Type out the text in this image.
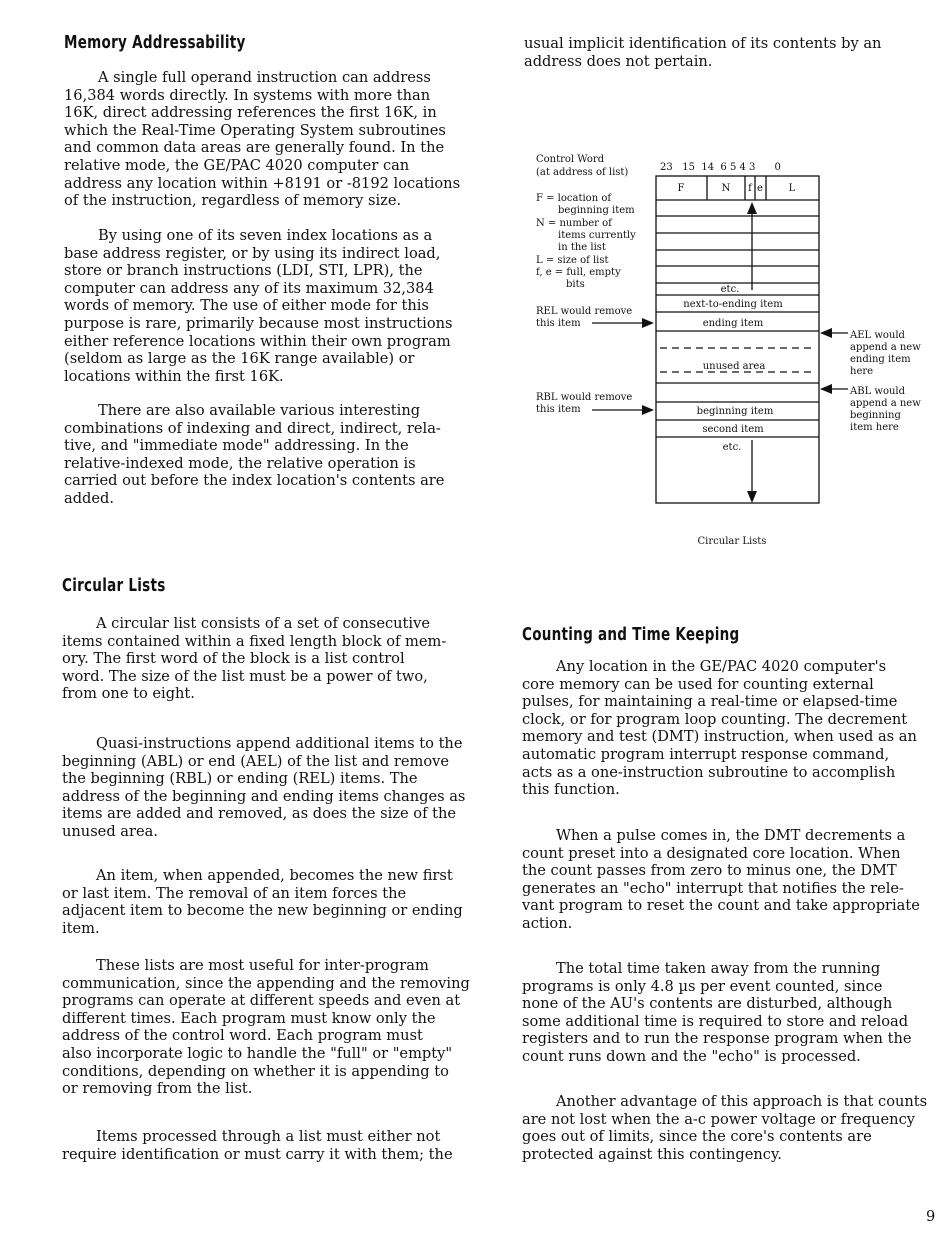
Memory Addressability
A single full operand instruction can address
16,384 words directly. In systems with more than
16K, direct addressing references the first 16K, in
which the Real-Time Operating System subroutines
and common data areas are generally found. In the
relative mode, the GE/PAC 4020 computer can
address any location within +8191 or -8192 locations
of the instruction, regardless of memory size.
By using one of its seven index locations as a
base address register, or by using its indirect load,
store or branch instructions (LDI, STI, LPR), the
computer can address any of its maximum 32,384
words of memory. The use of either mode for this
purpose is rare, primarily because most instructions
either reference locations within their own program
(seldom as large as the 16K range available) or
locations within the first 16K.
There are also available various interesting
combinations of indexing and direct, indirect, rela-
tive, and "immediate mode" addressing. In the
relative-indexed mode, the relative operation is
carried out before the index location's contents are
added.
Circular Lists
A circular list consists of a set of consecutive
items contained within a fixed length block of mem-
ory. The first word of the block is a list control
word. The size of the list must be a power of two,
from one to eight.
Quasi-instructions append additional items to the
beginning (ABL) or end (AEL) of the list and remove
the beginning (RBL) or ending (REL) items. The
address of the beginning and ending items changes as
items are added and removed, as does the size of the
unused area.
An item, when appended, becomes the new first
or last item. The removal of an item forces the
adjacent item to become the new beginning or ending
item.
These lists are most useful for inter-program
communication, since the appending and the removing
programs can operate at different speeds and even at
different times. Each program must know only the
address of the control word. Each program must
also incorporate logic to handle the "full" or "empty"
conditions, depending on whether it is appending to
or removing from the list.
Items processed through a list must either not
require identification or must carry it with them; the
usual implicit identification of its contents by an
address does not pertain.
Control Word
(at address of list)	23   15  14  6 5 4 3      0
F = location of
beginning item
N = number of
items currently
in the list
L = size of list
f, e = full, empty
bits
REL would remove
this item
RBL would remove
this item
AEL would
append a new
ending item
here
ABL would
append a new
beginning
item here
F	N f e	L
etc.
next-to-ending item
ending item
unused area
beginning item
second item
etc.
Circular Lists
Counting and Time Keeping
Any location in the GE/PAC 4020 computer's
core memory can be used for counting external
pulses, for maintaining a real-time or elapsed-time
clock, or for program loop counting. The decrement
memory and test (DMT) instruction, when used as an
automatic program interrupt response command,
acts as a one-instruction subroutine to accomplish
this function.
When a pulse comes in, the DMT decrements a
count preset into a designated core location. When
the count passes from zero to minus one, the DMT
generates an "echo" interrupt that notifies the rele-
vant program to reset the count and take appropriate
action.
The total time taken away from the running
programs is only 4.8 µs per event counted, since
none of the AU's contents are disturbed, although
some additional time is required to store and reload
registers and to run the response program when the
count runs down and the "echo" is processed.
Another advantage of this approach is that counts
are not lost when the a-c power voltage or frequency
goes out of limits, since the core's contents are
protected against this contingency.
9
